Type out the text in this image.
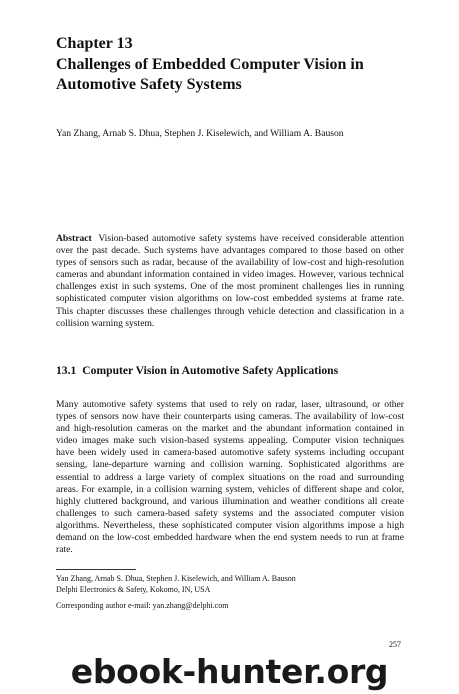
Chapter 13
Challenges of Embedded Computer Vision in Automotive Safety Systems
Yan Zhang, Arnab S. Dhua, Stephen J. Kiselewich, and William A. Bauson
Abstract Vision-based automotive safety systems have received considerable attention over the past decade. Such systems have advantages compared to those based on other types of sensors such as radar, because of the availability of low-cost and high-resolution cameras and abundant information contained in video images. However, various technical challenges exist in such systems. One of the most prominent challenges lies in running sophisticated computer vision algorithms on low-cost embedded systems at frame rate. This chapter discusses these challenges through vehicle detection and classification in a collision warning system.
13.1 Computer Vision in Automotive Safety Applications
Many automotive safety systems that used to rely on radar, laser, ultrasound, or other types of sensors now have their counterparts using cameras. The availability of low-cost and high-resolution cameras on the market and the abundant information contained in video images make such vision-based systems appealing. Computer vision techniques have been widely used in camera-based automotive safety systems including occupant sensing, lane-departure warning and collision warning. Sophisticated algorithms are essential to address a large variety of complex situations on the road and surrounding areas. For example, in a collision warning system, vehicles of different shape and color, highly cluttered background, and various illumination and weather conditions all create challenges to such camera-based safety systems and the associated computer vision algorithms. Nevertheless, these sophisticated computer vision algorithms impose a high demand on the low-cost embedded hardware when the end system needs to run at frame rate.
Yan Zhang, Arnab S. Dhua, Stephen J. Kiselewich, and William A. Bauson
Delphi Electronics & Safety, Kokomo, IN, USA
Corresponding author e-mail: yan.zhang@delphi.com
257
ebook-hunter.org
